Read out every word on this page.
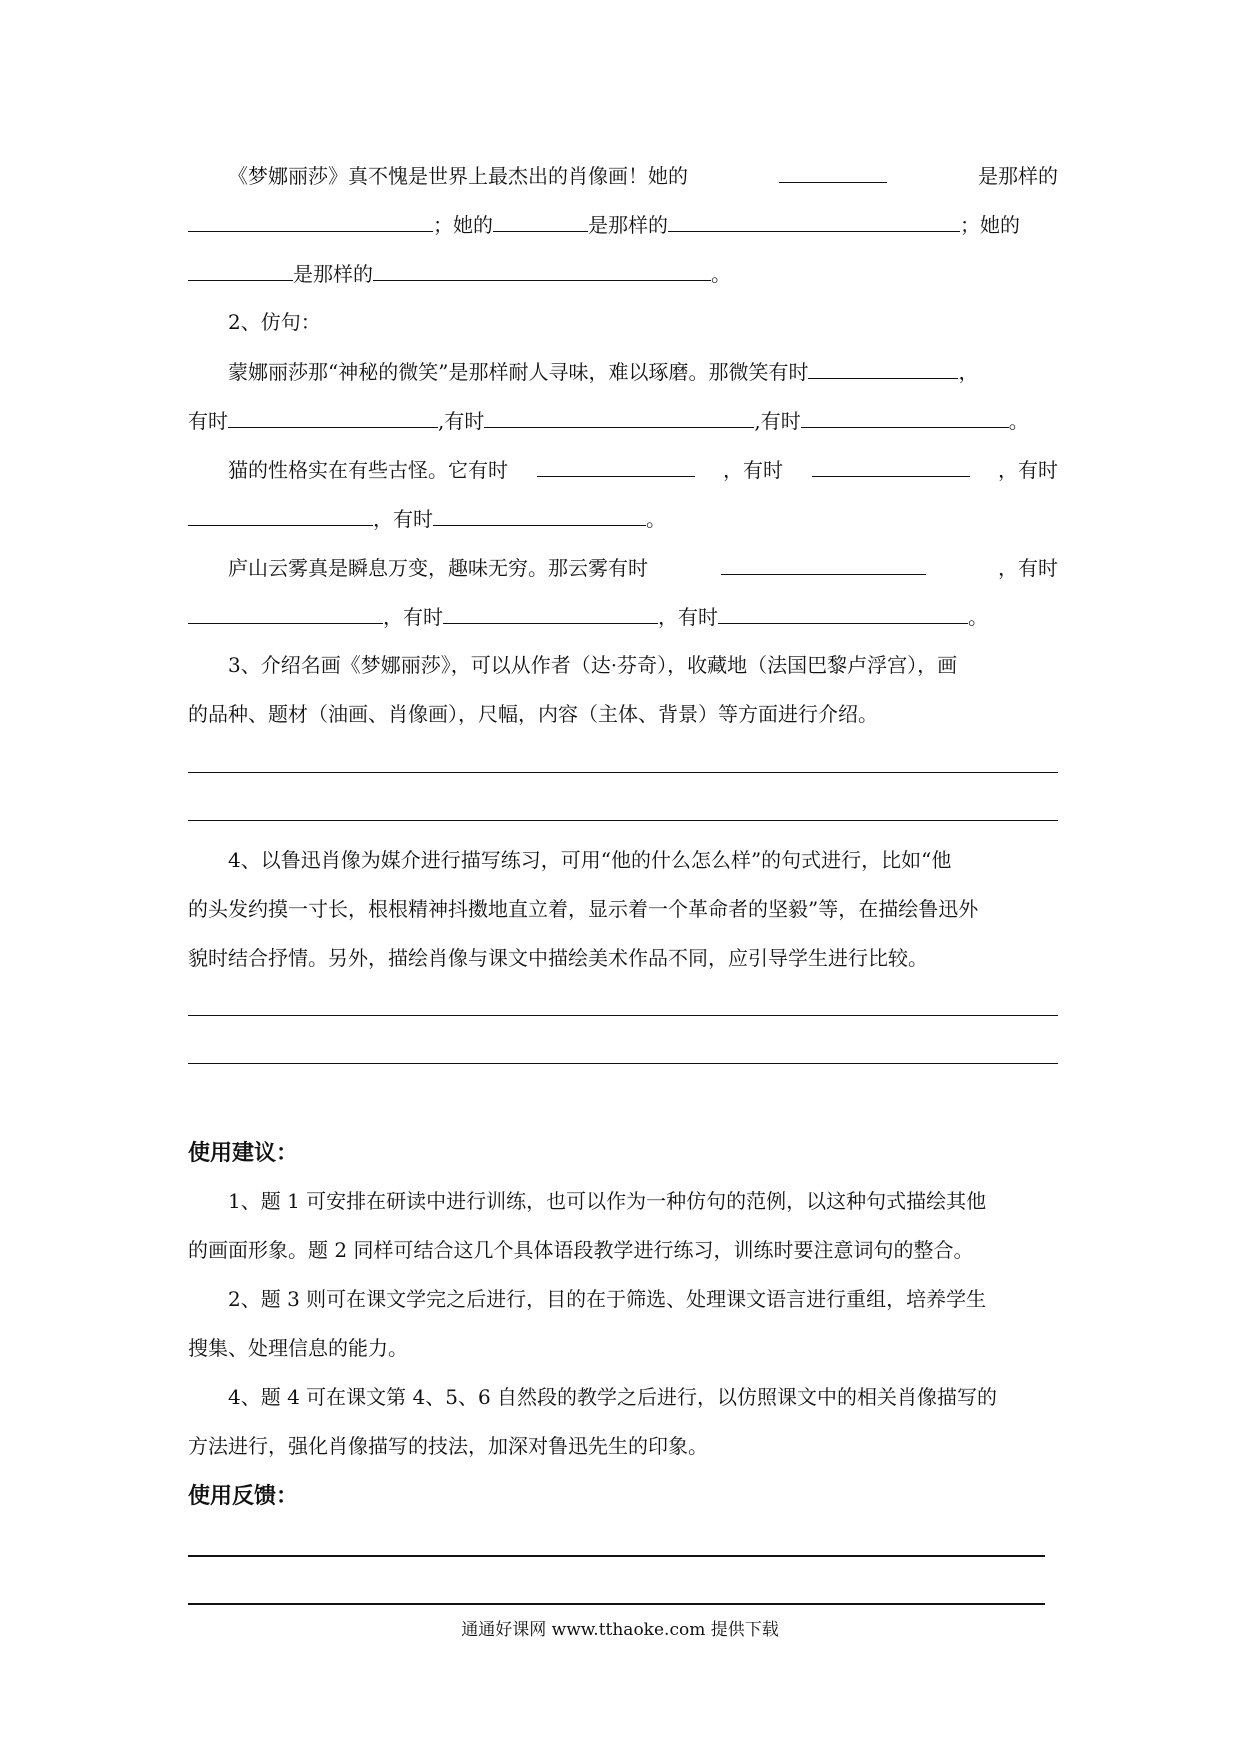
《梦娜丽莎》真不愧是世界上最杰出的肖像画！她的	是那样的
；她的	是那样的	；她的
是那样的	。
2、仿句：
蒙娜丽莎那“神秘的微笑”是那样耐人寻味，难以琢磨。那微笑有时	，
有时	,有时	,有时	。
猫的性格实在有些古怪。它有时	，有时	，有时
，有时	。
庐山云雾真是瞬息万变，趣味无穷。那云雾有时	，有时
，有时	，有时	。
3、介绍名画《梦娜丽莎》，可以从作者（达·芬奇），收藏地（法国巴黎卢浮宫），画
的品种、题材（油画、肖像画），尺幅，内容（主体、背景）等方面进行介绍。
4、以鲁迅肖像为媒介进行描写练习，可用“他的什么怎么样”的句式进行，比如“他
的头发约摸一寸长，根根精神抖擞地直立着，显示着一个革命者的坚毅”等，在描绘鲁迅外
貌时结合抒情。另外，描绘肖像与课文中描绘美术作品不同，应引导学生进行比较。
使用建议：
1、题 1 可安排在研读中进行训练，也可以作为一种仿句的范例，以这种句式描绘其他
的画面形象。题 2 同样可结合这几个具体语段教学进行练习，训练时要注意词句的整合。
2、题 3 则可在课文学完之后进行，目的在于筛选、处理课文语言进行重组，培养学生
搜集、处理信息的能力。
4、题 4 可在课文第 4、5、6 自然段的教学之后进行，以仿照课文中的相关肖像描写的
方法进行，强化肖像描写的技法，加深对鲁迅先生的印象。
使用反馈：
通通好课网 www.tthaoke.com 提供下载
